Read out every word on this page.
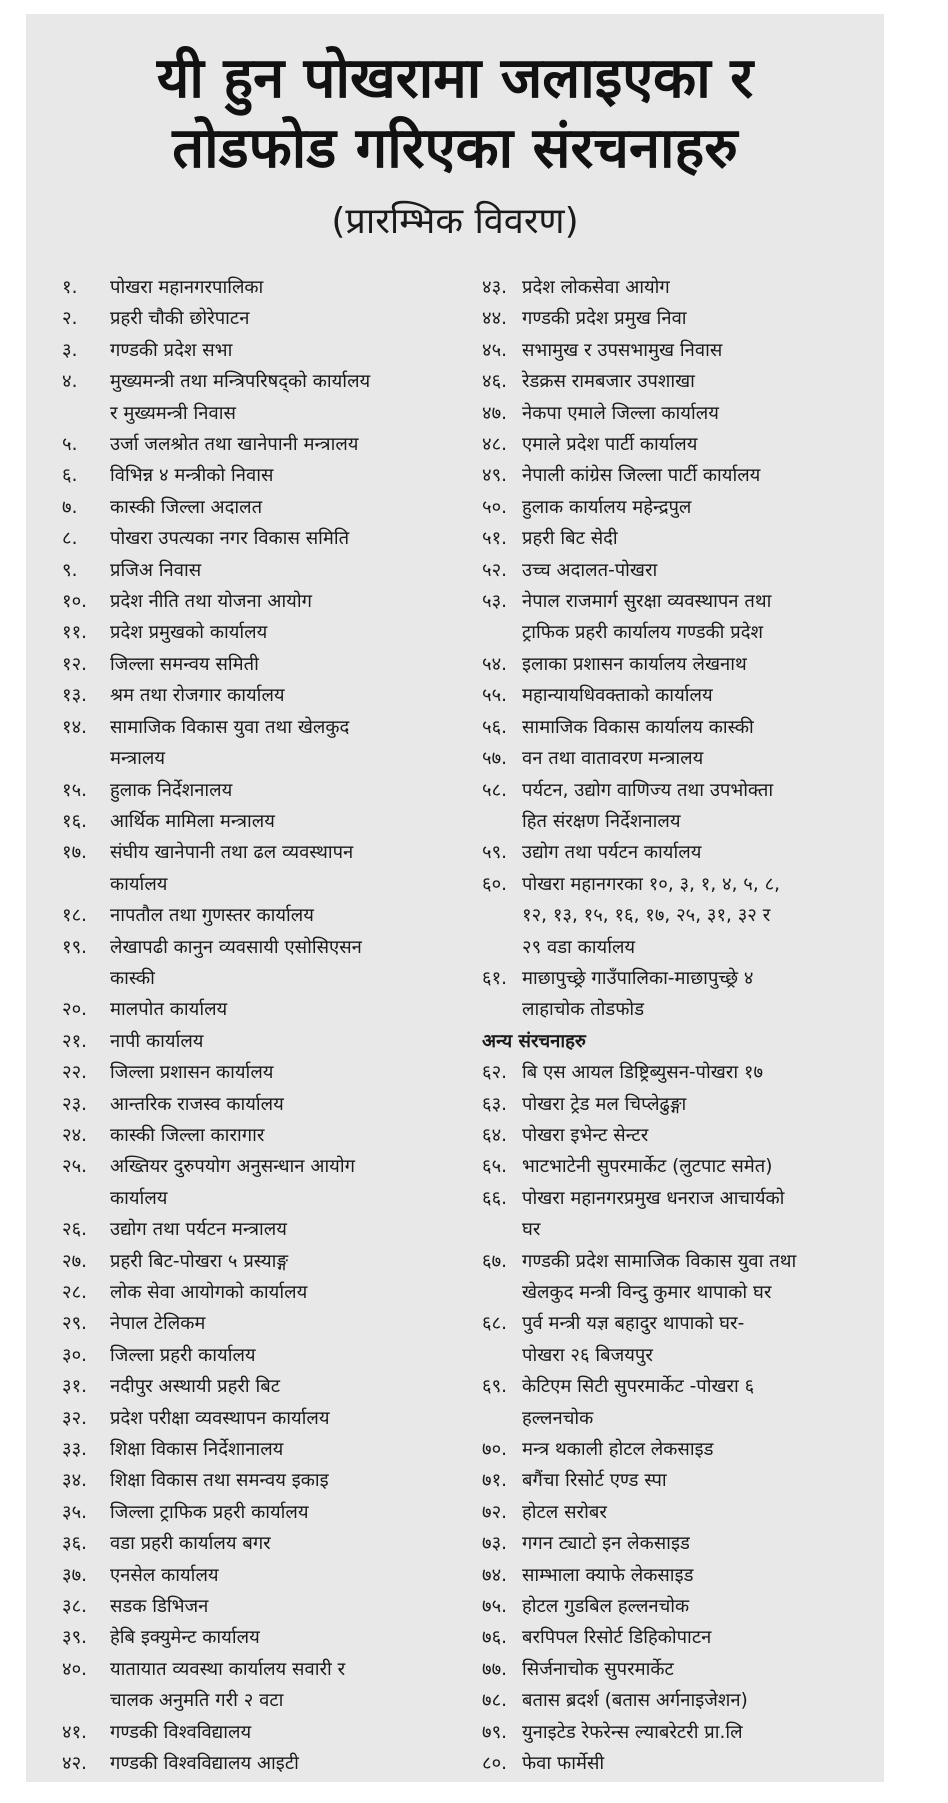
यी हुन पोखरामा जलाइएका र
तोडफोड गरिएका संरचनाहरु
(प्रारम्भिक विवरण)
१.	पोखरा महानगरपालिका
२.	प्रहरी चौकी छोरेपाटन
३.	गण्डकी प्रदेश सभा
४.	मुख्यमन्त्री तथा मन्त्रिपरिषद्को कार्यालय
र मुख्यमन्त्री निवास
५.	उर्जा जलश्रोत तथा खानेपानी मन्त्रालय
६.	विभिन्न ४ मन्त्रीको निवास
७.	कास्की जिल्ला अदालत
८.	पोखरा उपत्यका नगर विकास समिति
९.	प्रजिअ निवास
१०.	प्रदेश नीति तथा योजना आयोग
११.	प्रदेश प्रमुखको कार्यालय
१२.	जिल्ला समन्वय समिती
१३.	श्रम तथा रोजगार कार्यालय
१४.	सामाजिक विकास युवा तथा खेलकुद
मन्त्रालय
१५.	हुलाक निर्देशनालय
१६.	आर्थिक मामिला मन्त्रालय
१७.	संघीय खानेपानी तथा ढल व्यवस्थापन
कार्यालय
१८.	नापतौल तथा गुणस्तर कार्यालय
१९.	लेखापढी कानुन व्यवसायी एसोसिएसन
कास्की
२०.	मालपोत कार्यालय
२१.	नापी कार्यालय
२२.	जिल्ला प्रशासन कार्यालय
२३.	आन्तरिक राजस्व कार्यालय
२४.	कास्की जिल्ला कारागार
२५.	अख्तियर दुरुपयोग अनुसन्धान आयोग
कार्यालय
२६.	उद्योग तथा पर्यटन मन्त्रालय
२७.	प्रहरी बिट-पोखरा ५ प्रस्याङ्ग
२८.	लोक सेवा आयोगको कार्यालय
२९.	नेपाल टेलिकम
३०.	जिल्ला प्रहरी कार्यालय
३१.	नदीपुर अस्थायी प्रहरी बिट
३२.	प्रदेश परीक्षा व्यवस्थापन कार्यालय
३३.	शिक्षा विकास निर्देशानालय
३४.	शिक्षा विकास तथा समन्वय इकाइ
३५.	जिल्ला ट्राफिक प्रहरी कार्यालय
३६.	वडा प्रहरी कार्यालय बगर
३७.	एनसेल कार्यालय
३८.	सडक डिभिजन
३९.	हेबि इक्युमेन्ट कार्यालय
४०.	यातायात व्यवस्था कार्यालय सवारी र
चालक अनुमति गरी २ वटा
४१.	गण्डकी विश्वविद्यालय
४२.	गण्डकी विश्वविद्यालय आइटी
४३. प्रदेश लोकसेवा आयोग
४४. गण्डकी प्रदेश प्रमुख निवा
४५. सभामुख र उपसभामुख निवास
४६. रेडक्रस रामबजार उपशाखा
४७. नेकपा एमाले जिल्ला कार्यालय
४८. एमाले प्रदेश पार्टी कार्यालय
४९. नेपाली कांग्रेस जिल्ला पार्टी कार्यालय
५०. हुलाक कार्यालय महेन्द्रपुल
५१. प्रहरी बिट सेदी
५२. उच्च अदालत-पोखरा
५३. नेपाल राजमार्ग सुरक्षा व्यवस्थापन तथा
ट्राफिक प्रहरी कार्यालय गण्डकी प्रदेश
५४. इलाका प्रशासन कार्यालय लेखनाथ
५५. महान्यायधिवक्ताको कार्यालय
५६. सामाजिक विकास कार्यालय कास्की
५७. वन तथा वातावरण मन्त्रालय
५८. पर्यटन, उद्योग वाणिज्य तथा उपभोक्ता
हित संरक्षण निर्देशनालय
५९. उद्योग तथा पर्यटन कार्यालय
६०. पोखरा महानगरका १०, ३, १, ४, ५, ८,
१२, १३, १५, १६, १७, २५, ३१, ३२ र
२९ वडा कार्यालय
६१. माछापुच्छ्रे गाउँपालिका-माछापुच्छ्रे ४
लाहाचोक तोडफोड
अन्य संरचनाहरु
६२. बि एस आयल डिष्ट्रिब्युसन-पोखरा १७
६३. पोखरा ट्रेड मल चिप्लेढुङ्गा
६४. पोखरा इभेन्ट सेन्टर
६५. भाटभाटेनी सुपरमार्केट (लुटपाट समेत)
६६. पोखरा महानगरप्रमुख धनराज आचार्यको
घर
६७. गण्डकी प्रदेश सामाजिक विकास युवा तथा
खेलकुद मन्त्री विन्दु कुमार थापाको घर
६८. पुर्व मन्त्री यज्ञ बहादुर थापाको घर-
पोखरा २६ बिजयपुर
६९. केटिएम सिटी सुपरमार्केट -पोखरा ६
हल्लनचोक
७०. मन्त्र थकाली होटल लेकसाइड
७१. बगैंचा रिसोर्ट एण्ड स्पा
७२. होटल सरोबर
७३. गगन ट्याटो इन लेकसाइड
७४. साम्भाला क्याफे लेकसाइड
७५. होटल गुडबिल हल्लनचोक
७६. बरपिपल रिसोर्ट डिहिकोपाटन
७७. सिर्जनाचोक सुपरमार्केट
७८. बतास ब्रदर्श (बतास अर्गनाइजेशन)
७९. युनाइटेड रेफरेन्स ल्याबरेटरी प्रा.लि
८०. फेवा फार्मेसी
